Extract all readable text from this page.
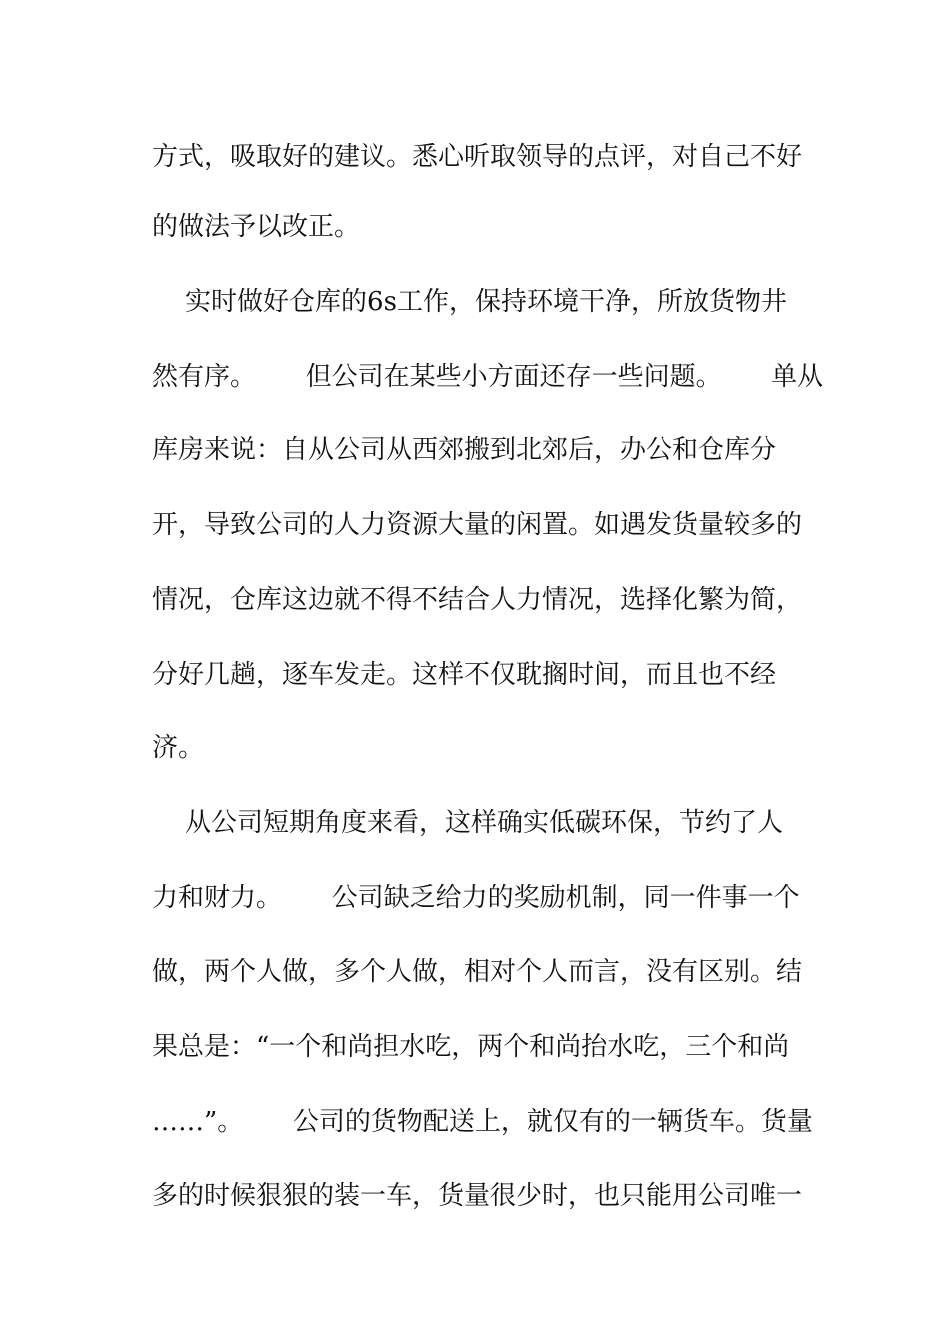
方式，吸取好的建议。悉心听取领导的点评，对自己不好
的做法予以改正。
实时做好仓库的6s工作，保持环境干净，所放货物井
然有序。      但公司在某些小方面还存一些问题。      单从
库房来说：自从公司从西郊搬到北郊后，办公和仓库分
开，导致公司的人力资源大量的闲置。如遇发货量较多的
情况，仓库这边就不得不结合人力情况，选择化繁为简，
分好几趟，逐车发走。这样不仅耽搁时间，而且也不经
济。
从公司短期角度来看，这样确实低碳环保，节约了人
力和财力。      公司缺乏给力的奖励机制，同一件事一个
做，两个人做，多个人做，相对个人而言，没有区别。结
果总是：“一个和尚担水吃，两个和尚抬水吃，三个和尚
……”。      公司的货物配送上，就仅有的一辆货车。货量
多的时候狠狠的装一车，货量很少时，也只能用公司唯一
